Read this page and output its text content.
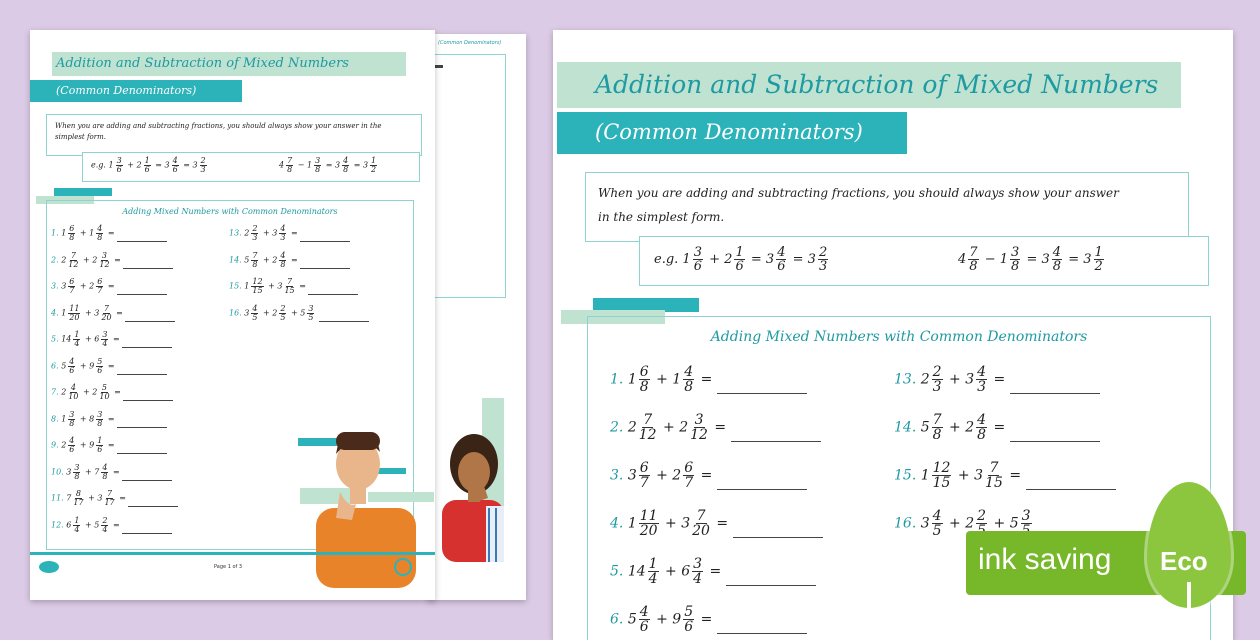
(Common Denominators)
Addition and Subtraction of Mixed Numbers
(Common Denominators)
When you are adding and subtracting fractions, you should always show your answer in the simplest form.
e.g. $1 \frac{3}{6} + 2 \frac{1}{6} = 3 \frac{4}{6} = 3 \frac{2}{3}$	$4 \frac{7}{8} - 1 \frac{3}{8} = 3 \frac{4}{8} = 3 \frac{1}{2}$
Adding Mixed Numbers with Common Denominators
1. $1 \frac{6}{8} + 1 \frac{4}{8}$ =
2. $2 \frac{7}{12} + 2 \frac{3}{12}$ =
3. $3 \frac{6}{7} + 2 \frac{6}{7}$ =
4. $1 \frac{11}{20} + 3 \frac{7}{20}$ =
5. $14 \frac{1}{4} + 6 \frac{3}{4}$ =
6. $5 \frac{4}{6} + 9 \frac{5}{6}$ =
7. $2 \frac{4}{10} + 2 \frac{5}{10}$ =
8. $1 \frac{3}{8} + 8 \frac{3}{8}$ =
9. $2 \frac{4}{6} + 9 \frac{1}{6}$ =
10. $3 \frac{3}{8} + 7 \frac{4}{8}$ =
11. $7 \frac{8}{17} + 3 \frac{7}{17}$ =
12. $6 \frac{1}{4} + 5 \frac{2}{4}$ =
13. $2 \frac{2}{3} + 3 \frac{4}{3}$ =
14. $5 \frac{7}{8} + 2 \frac{4}{8}$ =
15. $1 \frac{12}{15} + 3 \frac{7}{15}$ =
16. $3 \frac{4}{5} + 2 \frac{2}{5} + 5 \frac{3}{5}$

Page 1 of 3
Addition and Subtraction of Mixed Numbers
(Common Denominators)
When you are adding and subtracting fractions, you should always show your answer
in the simplest form.
e.g. $1 \frac{3}{6} + 2 \frac{1}{6} = 3 \frac{4}{6} = 3 \frac{2}{3}$	$4 \frac{7}{8} - 1 \frac{3}{8} = 3 \frac{4}{8} = 3 \frac{1}{2}$
Adding Mixed Numbers with Common Denominators
1. $1 \frac{6}{8} + 1 \frac{4}{8}$ =
2. $2 \frac{7}{12} + 2 \frac{3}{12}$ =
3. $3 \frac{6}{7} + 2 \frac{6}{7}$ =
4. $1 \frac{11}{20} + 3 \frac{7}{20}$ =
5. $14 \frac{1}{4} + 6 \frac{3}{4}$ =
6. $5 \frac{4}{6} + 9 \frac{5}{6}$ =
13. $2 \frac{2}{3} + 3 \frac{4}{3}$ =
14. $5 \frac{7}{8} + 2 \frac{4}{8}$ =
15. $1 \frac{12}{15} + 3 \frac{7}{15}$ =
16. $3 \frac{4}{5} + 2$ 2 + 5 3

ink saving Eco
